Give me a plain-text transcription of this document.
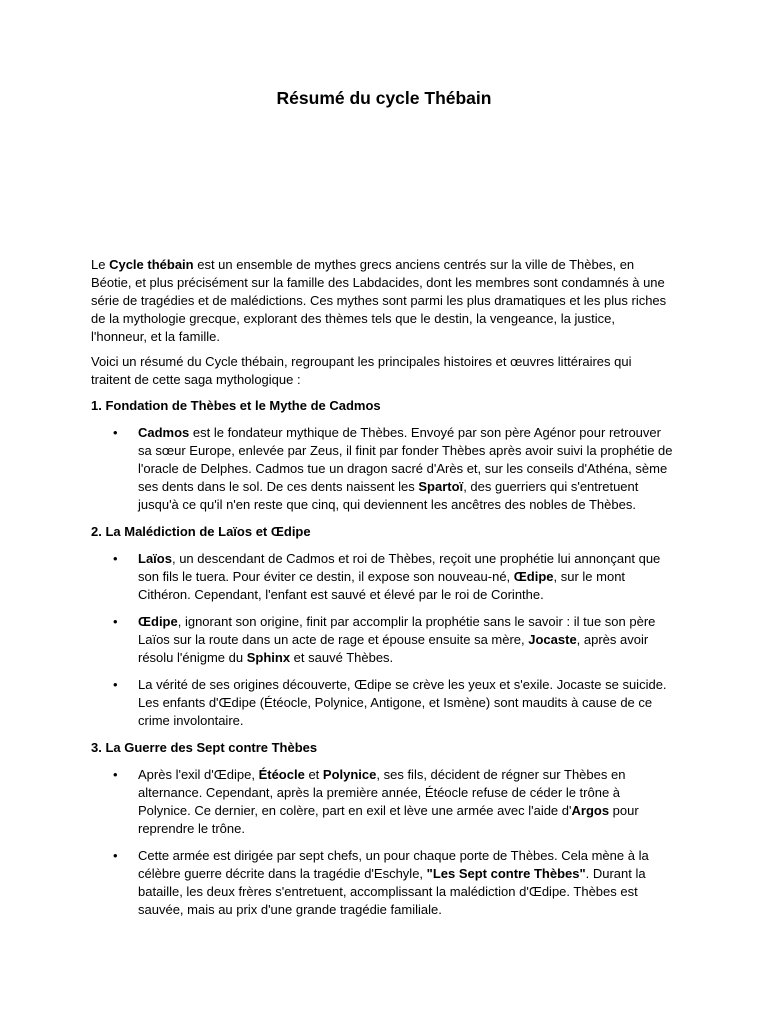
Résumé du cycle Thébain

Le Cycle thébain est un ensemble de mythes grecs anciens centrés sur la ville de Thèbes, en Béotie, et plus précisément sur la famille des Labdacides, dont les membres sont condamnés à une série de tragédies et de malédictions. Ces mythes sont parmi les plus dramatiques et les plus riches de la mythologie grecque, explorant des thèmes tels que le destin, la vengeance, la justice, l'honneur, et la famille.

Voici un résumé du Cycle thébain, regroupant les principales histoires et œuvres littéraires qui traitent de cette saga mythologique :

1. Fondation de Thèbes et le Mythe de Cadmos
• Cadmos est le fondateur mythique de Thèbes. Envoyé par son père Agénor pour retrouver sa sœur Europe, enlevée par Zeus, il finit par fonder Thèbes après avoir suivi la prophétie de l'oracle de Delphes. Cadmos tue un dragon sacré d'Arès et, sur les conseils d'Athéna, sème ses dents dans le sol. De ces dents naissent les Spartoï, des guerriers qui s'entretuent jusqu'à ce qu'il n'en reste que cinq, qui deviennent les ancêtres des nobles de Thèbes.
2. La Malédiction de Laïos et Œdipe
• Laïos, un descendant de Cadmos et roi de Thèbes, reçoit une prophétie lui annonçant que son fils le tuera. Pour éviter ce destin, il expose son nouveau-né, Œdipe, sur le mont Cithéron. Cependant, l'enfant est sauvé et élevé par le roi de Corinthe.
• Œdipe, ignorant son origine, finit par accomplir la prophétie sans le savoir : il tue son père Laïos sur la route dans un acte de rage et épouse ensuite sa mère, Jocaste, après avoir résolu l'énigme du Sphinx et sauvé Thèbes.
• La vérité de ses origines découverte, Œdipe se crève les yeux et s'exile. Jocaste se suicide. Les enfants d'Œdipe (Étéocle, Polynice, Antigone, et Ismène) sont maudits à cause de ce crime involontaire.
3. La Guerre des Sept contre Thèbes
• Après l'exil d'Œdipe, Étéocle et Polynice, ses fils, décident de régner sur Thèbes en alternance. Cependant, après la première année, Étéocle refuse de céder le trône à Polynice. Ce dernier, en colère, part en exil et lève une armée avec l'aide d'Argos pour reprendre le trône.
• Cette armée est dirigée par sept chefs, un pour chaque porte de Thèbes. Cela mène à la célèbre guerre décrite dans la tragédie d'Eschyle, "Les Sept contre Thèbes". Durant la bataille, les deux frères s'entretuent, accomplissant la malédiction d'Œdipe. Thèbes est sauvée, mais au prix d'une grande tragédie familiale.
